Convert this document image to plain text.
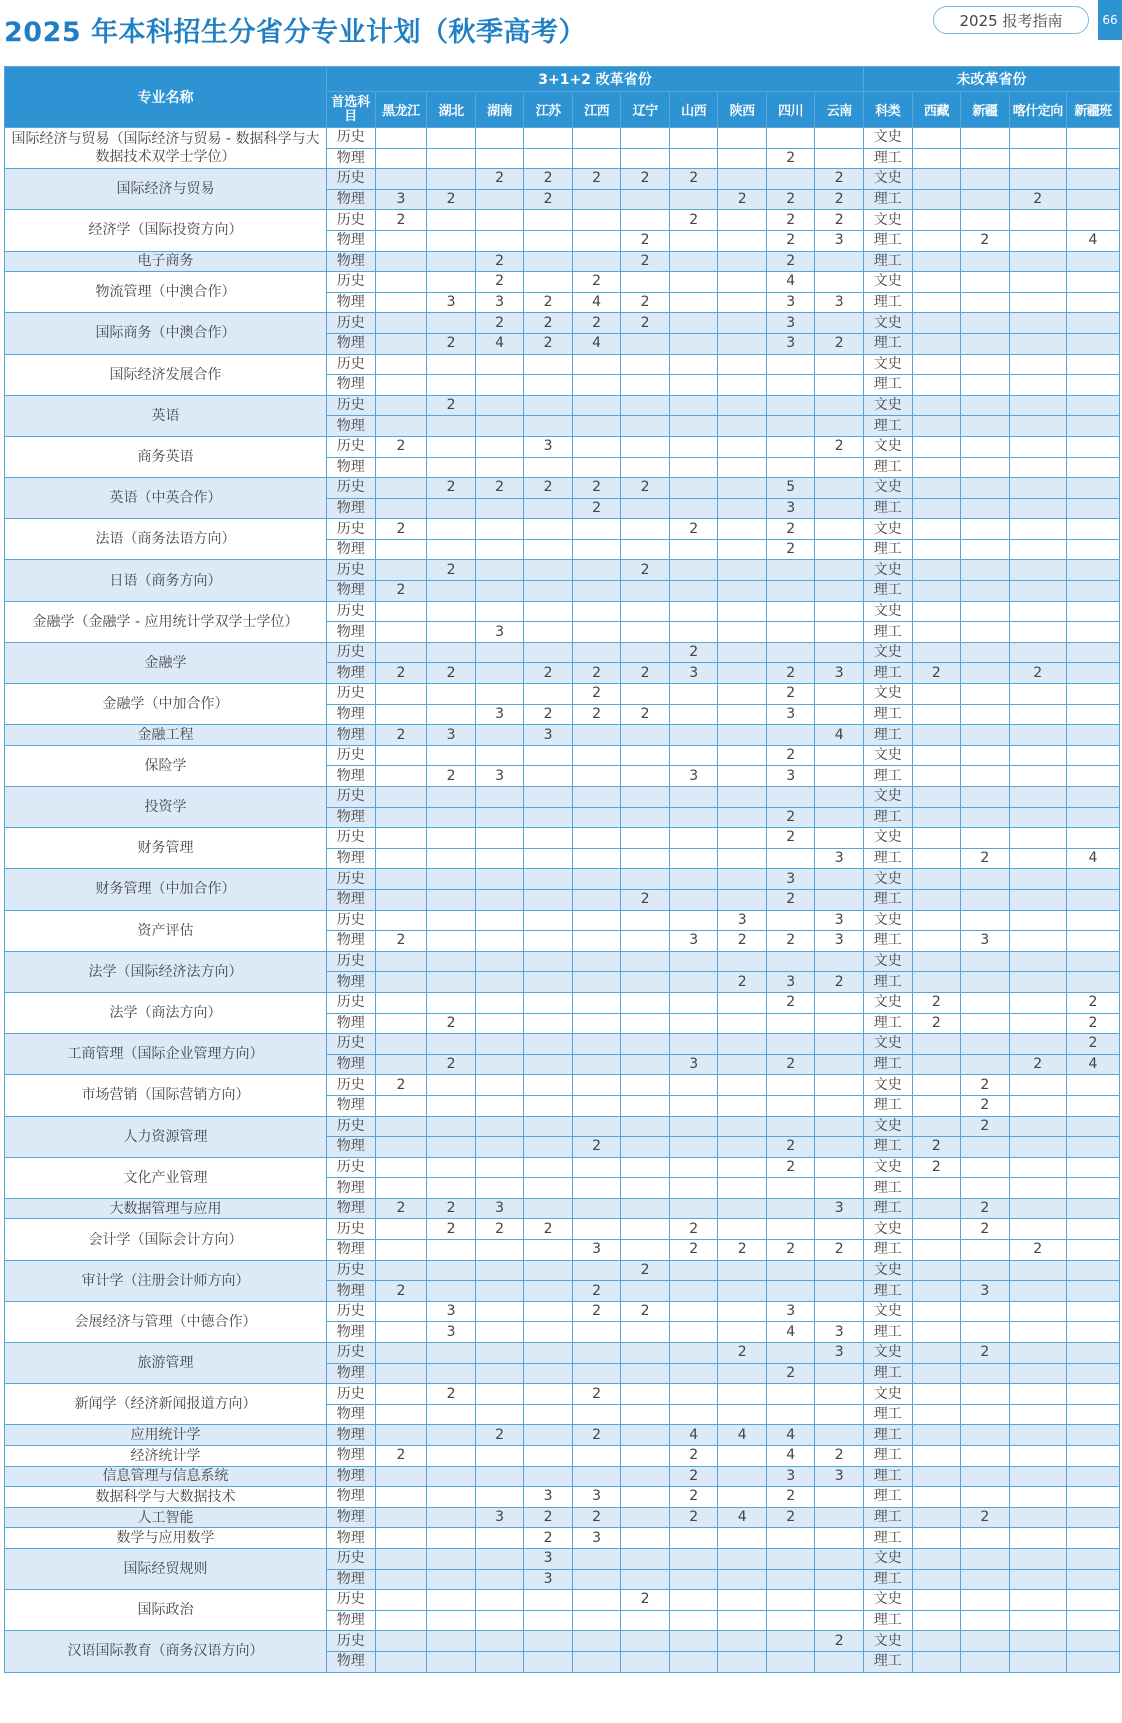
2025 年本科招生分省分专业计划（秋季高考）	2025 报考指南	66
专业名称	3+1+2 改革省份											未改革省份				
	首选科目	黑龙江	湖北	湖南	江苏	江西	辽宁	山西	陕西	四川	云南	科类	西藏	新疆	喀什定向	新疆班
国际经济与贸易（国际经济与贸易 - 数据科学与大数据技术双学士学位）	历史											文史				
	物理									2		理工				
国际经济与贸易	历史			2	2	2	2	2			2	文史				
	物理	3	2		2				2	2	2	理工			2	
经济学（国际投资方向）	历史	2						2		2	2	文史				
	物理						2			2	3	理工		2		4
电子商务	物理			2			2			2		理工				
物流管理（中澳合作）	历史			2		2				4		文史				
	物理		3	3	2	4	2			3	3	理工				
国际商务（中澳合作）	历史			2	2	2	2			3		文史				
	物理		2	4	2	4				3	2	理工				
国际经济发展合作	历史											文史				
	物理											理工				
英语	历史		2									文史				
	物理											理工				
商务英语	历史	2			3						2	文史				
	物理											理工				
英语（中英合作）	历史		2	2	2	2	2			5		文史				
	物理					2				3		理工				
法语（商务法语方向）	历史	2						2		2		文史				
	物理									2		理工				
日语（商务方向）	历史		2				2					文史				
	物理	2										理工				
金融学（金融学 - 应用统计学双学士学位）	历史											文史				
	物理			3								理工				
金融学	历史							2				文史				
	物理	2	2		2	2	2	3		2	3	理工	2		2	
金融学（中加合作）	历史					2				2		文史				
	物理			3	2	2	2			3		理工				
金融工程	物理	2	3		3						4	理工				
保险学	历史									2		文史				
	物理		2	3				3		3		理工				
投资学	历史											文史				
	物理									2		理工				
财务管理	历史									2		文史				
	物理										3	理工		2		4
财务管理（中加合作）	历史									3		文史				
	物理						2			2		理工				
资产评估	历史								3		3	文史				
	物理	2						3	2	2	3	理工		3		
法学（国际经济法方向）	历史											文史				
	物理								2	3	2	理工				
法学（商法方向）	历史									2		文史	2			2
	物理		2									理工	2			2
工商管理（国际企业管理方向）	历史											文史				2
	物理		2					3		2		理工			2	4
市场营销（国际营销方向）	历史	2										文史		2		
	物理											理工		2		
人力资源管理	历史											文史		2		
	物理					2				2		理工	2			
文化产业管理	历史									2		文史	2			
	物理											理工				
大数据管理与应用	物理	2	2	3							3	理工		2		
会计学（国际会计方向）	历史		2	2	2			2				文史		2		
	物理					3		2	2	2	2	理工			2	
审计学（注册会计师方向）	历史						2					文史				
	物理	2				2						理工		3		
会展经济与管理（中德合作）	历史		3			2	2			3		文史				
	物理		3							4	3	理工				
旅游管理	历史								2		3	文史		2		
	物理									2		理工				
新闻学（经济新闻报道方向）	历史		2			2						文史				
	物理											理工				
应用统计学	物理			2		2		4	4	4		理工				
经济统计学	物理	2						2		4	2	理工				
信息管理与信息系统	物理							2		3	3	理工				
数据科学与大数据技术	物理				3	3		2		2		理工				
人工智能	物理			3	2	2		2	4	2		理工		2		
数学与应用数学	物理				2	3						理工				
国际经贸规则	历史				3							文史				
	物理				3							理工				
国际政治	历史						2					文史				
	物理											理工				
汉语国际教育（商务汉语方向）	历史										2	文史				
	物理											理工				
